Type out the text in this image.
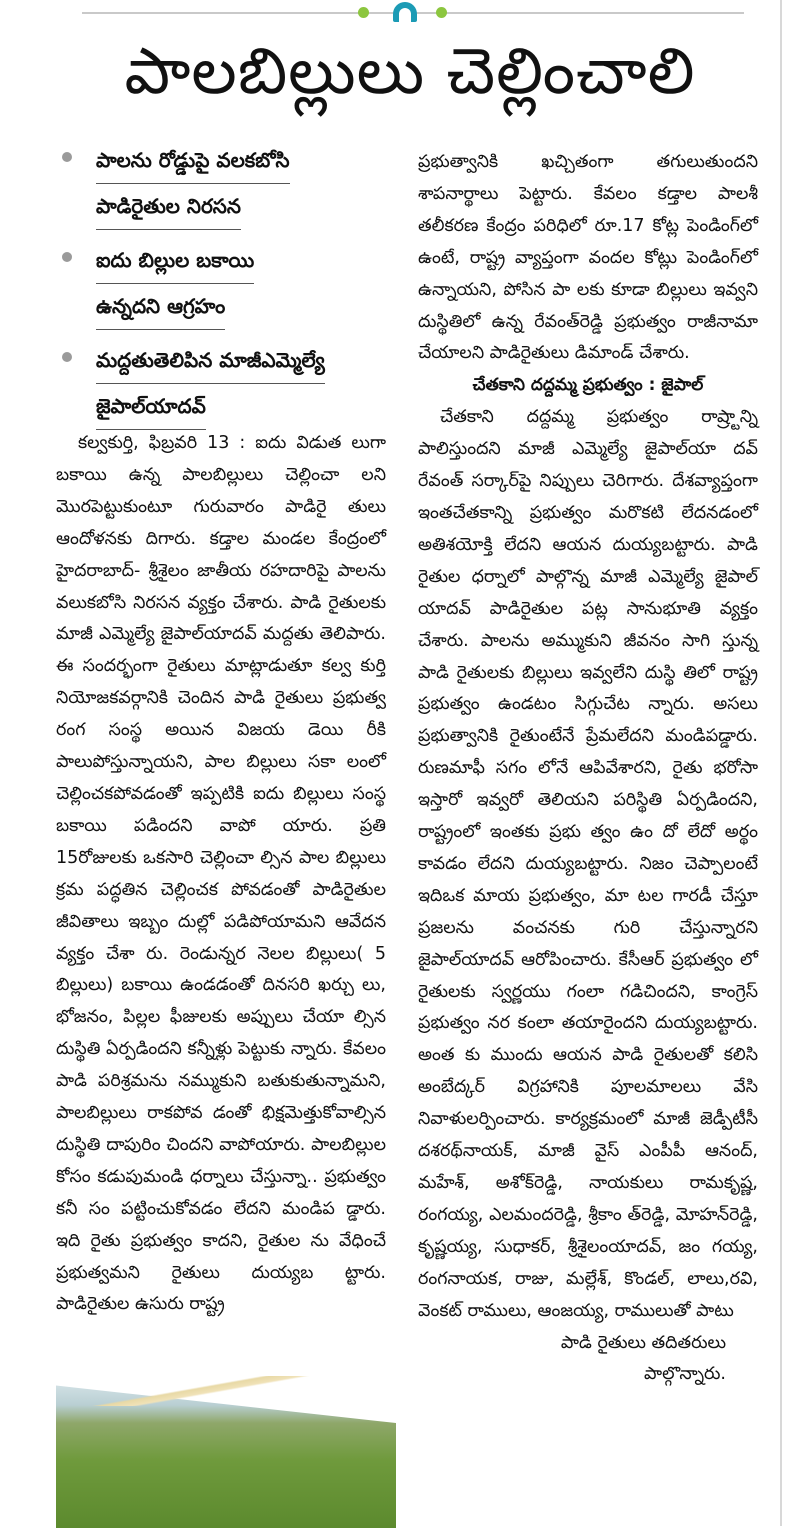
పాలబిల్లులు చెల్లించాలి
పాలను రోడ్డుపై వలకబోసి
పాడిరైతుల నిరసన
ఐదు బిల్లుల బకాయి
ఉన్నదని ఆగ్రహం
మద్దతుతెలిపిన మాజీఎమ్మెల్యే
జైపాల్‌యాదవ్

కల్వకుర్తి, ఫిబ్రవరి 13 : ఐదు విడుత లుగా బకాయి ఉన్న పాలబిల్లులు చెల్లించా లని మొరపెట్టుకుంటూ గురువారం పాడిరై తులు ఆందోళనకు దిగారు. కడ్తాల మండల కేంద్రంలో హైదరాబాద్‌- శ్రీశైలం జాతీయ రహదారిపై పాలను వలుకబోసి నిరసన వ్యక్తం చేశారు. పాడి రైతులకు మాజీ ఎమ్మెల్యే జైపాల్‌యాదవ్‌ మద్దతు తెలిపారు. ఈ సందర్భంగా రైతులు మాట్లాడుతూ కల్వ కుర్తి నియోజకవర్గానికి చెందిన పాడి రైతులు ప్రభుత్వ రంగ సంస్థ అయిన విజయ డెయి రీకి పాలుపోస్తున్నాయని, పాల బిల్లులు సకా లంలో చెల్లించకపోవడంతో ఇప్పటికి ఐదు బిల్లులు సంస్థ బకాయి పడిందని వాపో యారు. ప్రతి 15రోజులకు ఒకసారి చెల్లించా ల్సిన పాల బిల్లులు క్రమ పద్ధతిన చెల్లించక పోవడంతో పాడిరైతుల జీవితాలు ఇబ్బం దుల్లో పడిపోయామని ఆవేదన వ్యక్తం చేశా రు. రెండున్నర నెలల బిల్లులు( 5 బిల్లులు) బకాయి ఉండడంతో దినసరి ఖర్చు లు, భోజనం, పిల్లల ఫీజులకు అప్పులు చేయా ల్సిన దుస్థితి ఏర్పడిందని కన్నీళ్లు పెట్టుకు న్నారు. కేవలం పాడి పరిశ్రమను నమ్ముకుని బతుకుతున్నామని, పాలబిల్లులు రాకపోవ డంతో భిక్షమెత్తుకోవాల్సిన దుస్థితి దాపురిం చిందని వాపోయారు. పాలబిల్లుల కోసం కడుపుమండి ధర్నాలు చేస్తున్నా.. ప్రభుత్వం కనీ సం పట్టించుకోవడం లేదని మండిప డ్డారు. ఇది రైతు ప్రభుత్వం కాదని, రైతుల ను వేధించే ప్రభుత్వమని రైతులు దుయ్యబ ట్టారు. పాడిరైతుల ఉసురు రాష్ట్ర

ప్రభుత్వానికి ఖచ్చితంగా తగులుతుందని శాపనార్థాలు పెట్టారు. కేవలం కడ్తాల పాలశీ తలీకరణ కేంద్రం పరిధిలో రూ.17 కోట్ల పెండింగ్‌లో ఉంటే, రాష్ట్ర వ్యాప్తంగా వందల కోట్లు పెండింగ్‌లో ఉన్నాయని, పోసిన పా లకు కూడా బిల్లులు ఇవ్వని దుస్థితిలో ఉన్న రేవంత్‌రెడ్డి ప్రభుత్వం రాజీనామా చేయాలని పాడిరైతులు డిమాండ్‌ చేశారు.

చేతకాని దద్దమ్మ ప్రభుత్వం : జైపాల్‌

చేతకాని దద్దమ్మ ప్రభుత్వం రాష్ర్టాన్ని పాలిస్తుందని మాజీ ఎమ్మెల్యే జైపాల్‌యా దవ్‌ రేవంత్‌ సర్కార్‌పై నిప్పులు చెరిగారు. దేశవ్యాప్తంగా ఇంతచేతకాన్ని ప్రభుత్వం మరొకటి లేదనడంలో అతిశయోక్తి లేదని ఆయన దుయ్యబట్టారు. పాడి రైతుల ధర్నాలో పాల్గొన్న మాజీ ఎమ్మెల్యే జైపాల్‌ యాదవ్‌ పాడిరైతుల పట్ల సానుభూతి వ్యక్తం చేశారు. పాలను అమ్ముకుని జీవనం సాగి స్తున్న పాడి రైతులకు బిల్లులు ఇవ్వలేని దుస్థి తిలో రాష్ట్ర ప్రభుత్వం ఉండటం సిగ్గుచేట న్నారు. అసలు ప్రభుత్వానికి రైతుంటేనే ప్రేమలేదని మండిపడ్డారు. రుణమాఫీ సగం లోనే ఆపివేశారని, రైతు భరోసా ఇస్తారో ఇవ్వరో తెలియని పరిస్థితి ఏర్పడిందని, రాష్ట్రంలో ఇంతకు ప్రభు త్వం ఉం దో లేదో అర్థం కావడం లేదని దుయ్యబట్టారు. నిజం చెప్పాలంటే ఇదిఒక మాయ ప్రభుత్వం, మా టల గారడీ చేస్తూ ప్రజలను వంచనకు గురి చేస్తున్నారని జైపాల్‌యాదవ్‌ ఆరోపించారు. కేసీఆర్‌ ప్రభుత్వం లో రైతులకు స్వర్ణయు గంలా గడిచిందని, కాంగ్రెస్‌ ప్రభుత్వం నర కంలా తయారైందని దుయ్యబట్టారు. అంత కు ముందు ఆయన పాడి రైతులతో కలిసి అంబేద్కర్‌ విగ్రహానికి పూలమాలలు వేసి నివాళులర్పించారు. కార్యక్రమంలో మాజీ జెడ్పీటీసీ దశరథ్‌నాయక్‌, మాజీ వైస్‌ ఎంపీపీ ఆనంద్‌, మహేశ్‌, అశోక్‌రెడ్డి, నాయకులు రామకృష్ణ, రంగయ్య, ఎలమందరెడ్డి, శ్రీకాం త్‌రెడ్డి, మోహన్‌రెడ్డి, కృష్ణయ్య, సుధాకర్‌, శ్రీశైలంయాదవ్‌, జం గయ్య, రంగనాయక, రాజు, మల్లేశ్‌, కొండల్‌, లాలు,రవి, వెంకట్‌ రాములు, ఆంజయ్య, రాములుతో పాటు

పాడి రైతులు తదితరులు

పాల్గొన్నారు.
